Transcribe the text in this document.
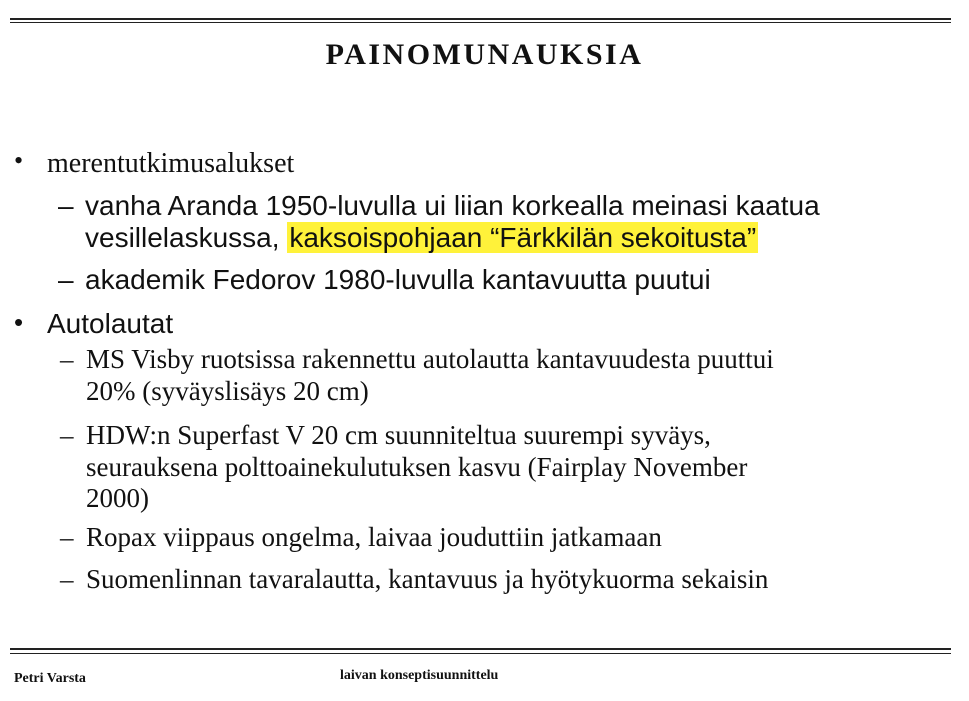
PAINOMUNAUKSIA
• merentutkimusalukset
– vanha Aranda 1950-luvulla ui liian korkealla meinasi kaatua
vesillelaskussa, kaksoispohjaan “Färkkilän sekoitusta”
– akademik Fedorov 1980-luvulla kantavuutta puutui
• Autolautat
– MS Visby ruotsissa rakennettu autolautta kantavuudesta puuttui
20% (syväyslisäys 20 cm)
– HDW:n Superfast V 20 cm suunniteltua suurempi syväys,
seurauksena polttoainekulutuksen kasvu (Fairplay November
2000)
– Ropax viippaus ongelma, laivaa jouduttiin jatkamaan
– Suomenlinnan tavaralautta, kantavuus ja hyötykuorma sekaisin
Petri Varsta	laivan konseptisuunnittelu
